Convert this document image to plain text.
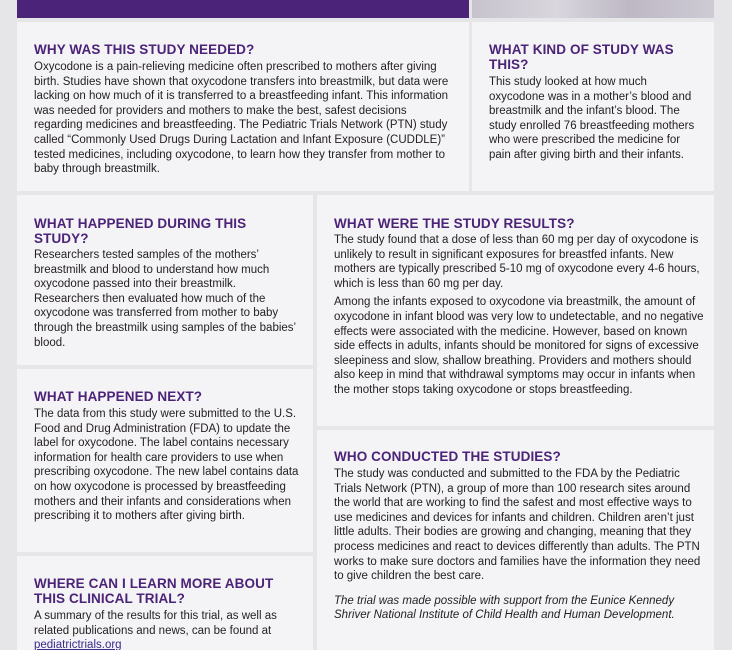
WHY WAS THIS STUDY NEEDED?

Oxycodone is a pain-relieving medicine often prescribed to mothers after giving birth. Studies have shown that oxycodone transfers into breastmilk, but data were lacking on how much of it is transferred to a breastfeeding infant. This information was needed for providers and mothers to make the best, safest decisions regarding medicines and breastfeeding. The Pediatric Trials Network (PTN) study called “Commonly Used Drugs During Lactation and Infant Exposure (CUDDLE)” tested medicines, including oxycodone, to learn how they transfer from mother to baby through breastmilk.

WHAT KIND OF STUDY WAS THIS?

This study looked at how much oxycodone was in a mother’s blood and breastmilk and the infant’s blood. The study enrolled 76 breastfeeding mothers who were prescribed the medicine for pain after giving birth and their infants.

WHAT HAPPENED DURING THIS STUDY?

Researchers tested samples of the mothers’ breastmilk and blood to understand how much oxycodone passed into their breastmilk. Researchers then evaluated how much of the oxycodone was transferred from mother to baby through the breastmilk using samples of the babies’ blood.

WHAT HAPPENED NEXT?

The data from this study were submitted to the U.S. Food and Drug Administration (FDA) to update the label for oxycodone. The label contains necessary information for health care providers to use when prescribing oxycodone. The new label contains data on how oxycodone is processed by breastfeeding mothers and their infants and considerations when prescribing it to mothers after giving birth.

WHERE CAN I LEARN MORE ABOUT THIS CLINICAL TRIAL?

A summary of the results for this trial, as well as related publications and news, can be found at pediatrictrials.org

WHAT WERE THE STUDY RESULTS?

The study found that a dose of less than 60 mg per day of oxycodone is unlikely to result in significant exposures for breastfed infants. New mothers are typically prescribed 5-10 mg of oxycodone every 4-6 hours, which is less than 60 mg per day.

Among the infants exposed to oxycodone via breastmilk, the amount of oxycodone in infant blood was very low to undetectable, and no negative effects were associated with the medicine. However, based on known side effects in adults, infants should be monitored for signs of excessive sleepiness and slow, shallow breathing. Providers and mothers should also keep in mind that withdrawal symptoms may occur in infants when the mother stops taking oxycodone or stops breastfeeding.

WHO CONDUCTED THE STUDIES?

The study was conducted and submitted to the FDA by the Pediatric Trials Network (PTN), a group of more than 100 research sites around the world that are working to find the safest and most effective ways to use medicines and devices for infants and children. Children aren’t just little adults. Their bodies are growing and changing, meaning that they process medicines and react to devices differently than adults. The PTN works to make sure doctors and families have the information they need to give children the best care.

The trial was made possible with support from the Eunice Kennedy Shriver National Institute of Child Health and Human Development.
